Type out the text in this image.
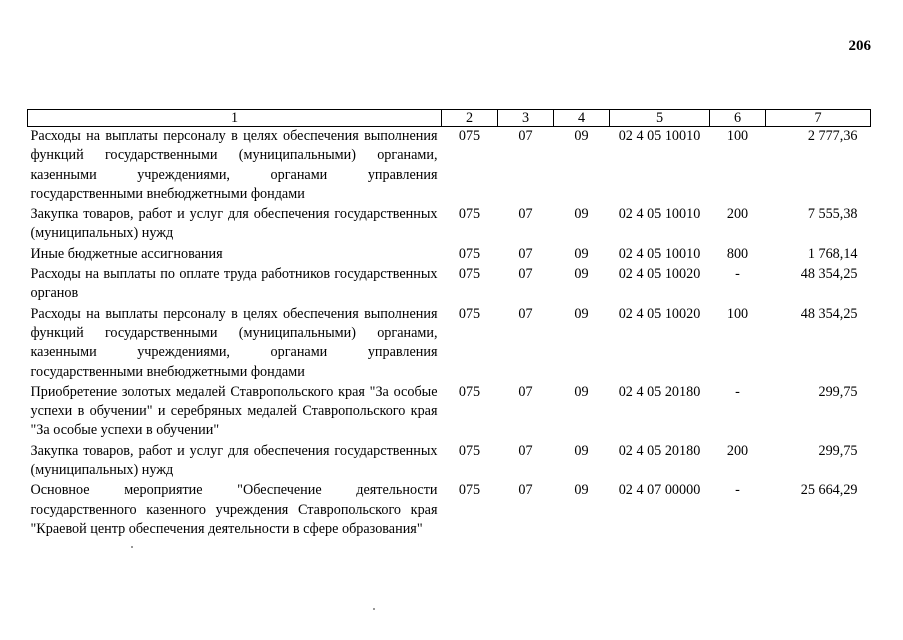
206
1	2	3	4	5	6	7
Расходы на выплаты персоналу в целях обеспечения выполнения функций государственными (муниципальными) органами, казенными учреждениями, органами управления государственными внебюджетными фондами	075	07	09	02 4 05 10010	100	2 777,36
Закупка товаров, работ и услуг для обеспечения государственных (муниципальных) нужд	075	07	09	02 4 05 10010	200	7 555,38
Иные бюджетные ассигнования	075	07	09	02 4 05 10010	800	1 768,14
Расходы на выплаты по оплате труда работников государственных органов	075	07	09	02 4 05 10020	-	48 354,25
Расходы на выплаты персоналу в целях обеспечения выполнения функций государственными (муниципальными) органами, казенными учреждениями, органами управления государственными внебюджетными фондами	075	07	09	02 4 05 10020	100	48 354,25
Приобретение золотых медалей Ставропольского края "За особые успехи в обучении" и серебряных медалей Ставропольского края "За особые успехи в обучении"	075	07	09	02 4 05 20180	-	299,75
Закупка товаров, работ и услуг для обеспечения государственных (муниципальных) нужд	075	07	09	02 4 05 20180	200	299,75
Основное мероприятие "Обеспечение деятельности государственного казенного учреждения Ставропольского края "Краевой центр обеспечения деятельности в сфере образования"	075	07	09	02 4 07 00000	-	25 664,29
